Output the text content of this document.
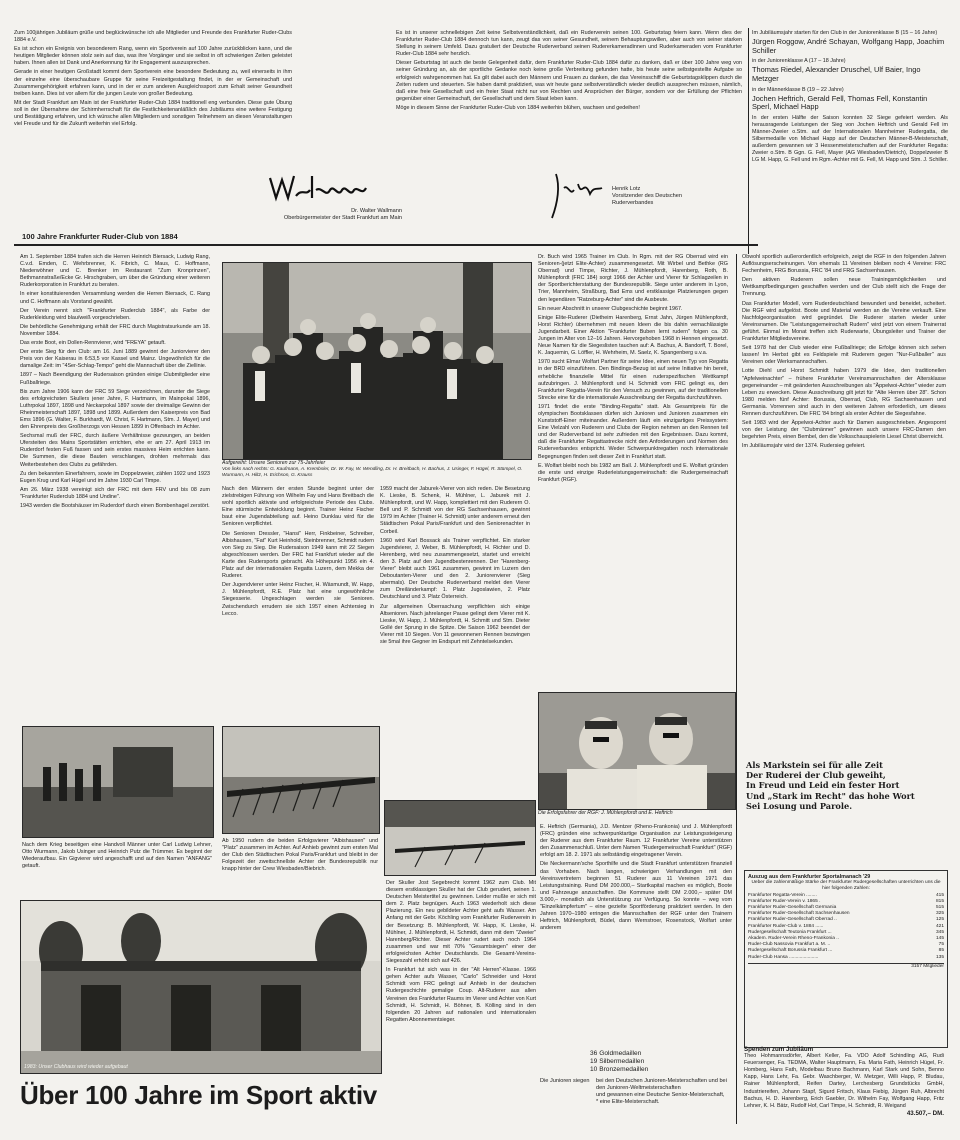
Zum 100jährigen Jubiläum grüße und beglückwünsche ich alle Mitglieder und Freunde des Frankfurter Ruder-Clubs 1884 e.V.

Es ist schon ein Ereignis von besonderem Rang, wenn ein Sportverein auf 100 Jahre zurückblicken kann, und die heutigen Mitglieder können stolz sein auf das, was ihre Vorgänger und sie selbst in oft schwierigen Zeiten geleistet haben. Ihnen allen ist Dank und Anerkennung für ihr Engagement auszusprechen.

Gerade in einer heutigen Großstadt kommt dem Sportverein eine besondere Bedeutung zu, weil einerseits in ihm der einzelne eine überschaubare Gruppe für seine Freizeitgestaltung findet, in der er Gemeinschaft und Zusammengehörigkeit erfahren kann, und in der er zum anderen Ausgleichssport zum Erhalt seiner Gesundheit treiben kann. Dies ist vor allem für die jungen Leute von großer Bedeutung.

Mit der Stadt Frankfurt am Main ist der Frankfurter Ruder-Club 1884 traditionell eng verbunden. Diese gute Übung soll in der Übernahme der Schirmherrschaft für die Festlichkeitenanläßlich des Jubiläums eine weitere Festigung und Bestätigung erfahren, und ich wünsche allen Mitgliedern und sonstigen Teilnehmern an diesen Veranstaltungen viel Freude und für die Zukunft weiterhin viel Erfolg.

Es ist in unserer schnellebigen Zeit keine Selbstverständlichkeit, daß ein Ruderverein seinen 100. Geburtstag feiern kann. Wenn dies der Frankfurter Ruder-Club 1884 dennoch tun kann, zeugt das von seiner Gesundheit, seinem Behauptungswillen, aber auch von seiner starken Stellung in seinem Umfeld. Dazu gratuliert der Deutsche Ruderverband seinen Rudererkameradinnen und Ruderkameraden vom Frankfurter Ruder-Club 1884 sehr herzlich.

Dieser Geburtstag ist auch die beste Gelegenheit dafür, dem Frankfurter Ruder-Club 1884 dafür zu danken, daß er über 100 Jahre weg von seiner Gründung an, als der sportliche Gedanke noch keine große Verbreitung gefunden hatte, bis heute seine selbstgestellte Aufgabe so erfolgreich wahrgenommen hat. Es gilt dabei auch den Männern und Frauen zu danken, die das Vereinsschiff die Geburtstagsklippen durch die Zeiten rudern und steuerten. Sie haben damit praktiziert, was wir heute ganz selbstverständlich wieder deutlich aussprechen müssen, nämlich, daß eine freie Gesellschaft und ein freier Staat nicht nur von Rechten und Ansprüchen der Bürger, sondern vor der Erfüllung der Pflichten gegenüber einer Gemeinschaft, der Gesellschaft und dem Staat leben kann.

Möge in diesem Sinne der Frankfurter Ruder-Club von 1884 weiterhin blühen, wachsen und gedeihen!

Dr. Walter Wallmann
Oberbürgermeister der Stadt Frankfurt am Main
Henrik Lotz
Vorsitzender des Deutschen Ruderverbandes
100 Jahre Frankfurter Ruder-Club von 1884
Im Jubiläumsjahr starten für den Club in der Juniorenklasse B (15 – 16 Jahre)
Jürgen Roggow, André Schayan, Wolfgang Happ, Joachim Schiller
in der Juniorenklasse A (17 – 18 Jahre)
Thomas Riedel, Alexander Druschel, Ulf Baier, Ingo Metzger
in der Männerklasse B (19 – 22 Jahre)
Jochen Heftrich, Gerald Fell, Thomas Fell, Konstantin Sperl, Michael Happ
In der ersten Hälfte der Saison konnten 32 Siege gefeiert werden. Als herausragende Leistungen der Sieg von Jochen Heftrich und Gerald Fell im Männer-Zweier o.Stm. auf der Internationalen Mannheimer Rudergatta, die Silbermedaille von Michael Happ auf der Deutschen Männer-B-Meisterschaft, außerdem gewannen wir 3 Hessenmeisterschaften auf der Frankfurter Regatta: Zweier o.Stm. B Ggn. G. Fell, Mayer (AG Wiesbaden/Dietrich), Doppelzweier B LG M. Happ, G. Fell und im Rgm.-Achter mit G. Fell, M. Happ und Stm. J. Schiller.

Am 1. September 1884 trafen sich die Herren Heinrich Biersack, Ludwig Rang, C.v.d. Emden, C. Wehrbrenner, K. Fibrich, C. Maus, C. Hoffmann, Niederwöhner und C. Brenker im Restaurant "Zum Kronprinzen", Bethmannstraße/Ecke Gr. Hirschgraben, um über die Gründung einer weiteren Ruderkorporation in Frankfurt zu beraten.

In einer konstituierenden Versammlung werden die Herren Biersack, C. Rang und C. Hoffmann als Vorstand gewählt.

Der Verein nennt sich "Frankfurter Ruderclub 1884", als Farbe der Ruderkleidung wird blau/weiß vorgeschrieben.

Die behördliche Genehmigung erhält der FRC durch Magistratsurkunde am 18. November 1884.

Das erste Boot, ein Dollen-Rennvierer, wird "FREYA" getauft.

Der erste Sieg für den Club: am 16. Juni 1889 gewinnt der Juniorvierer den Preis von der Kaiserau in 6:53,5 vor Kassel und Mainz. Ungewöhnlich für die damalige Zeit: im "4Ser-Schlag-Tempo" geht die Mannschaft über die Ziellinie.

1897 – Nach Beendigung der Rudersaison gründen einige Clubmitglieder eine Fußballriege.

Bis zum Jahre 1906 kann der FRC 59 Siege verzeichnen, darunter die Siege des erfolgreichsten Skullers jener Jahre, F. Hartmann, im Mainpokal 1896, Luthrpokal 1897, 1898 und Neckarpokal 1897 sowie der dreimalige Gewinn der Rheinmeisterschaft 1897, 1898 und 1899. Außerdem den Kaiserpreis von Bad Ems 1896 (G. Walter, F. Burkhardt, W. Christ, F. Hartmann, Stm. J. Mayer) und den Ehrenpreis des Großherzogs von Hessen 1899 in Offenbach im Achter.

Sechsmal muß der FRC, durch äußere Verhältnisse gezwungen, an beiden Ufersteiten des Mains Sportstätten errichten, ehe er am 27. April 1913 im Ruderdorf festen Fuß fassen und sein erstes massives Heim errichten kann. Die Summen, die diese Bauten verschlangen, drohten mehrmals das Weiterbestehen des Clubs zu gefährden.

Zu den bekannten Einerfahrern, sowie im Doppelzweier, zählen 1922 und 1923 Eugen Krug und Karl Hügel und im Jahre 1930 Carl Timpe.

Am 26. März 1938 vereinigt sich der FRC mit dem FRV und bis 08 zum "Frankfurter Ruderclub 1884 und Undine".

1943 werden die Bootshäuser im Ruderdorf durch einen Bombenhagel zerstört.

Aufgereiht: Unsere Senioren zur 75-Jahrfeier
Von links nach rechts: G. Kaufmann, A. Krembsler, Dr. W. Fay, W. Wendling, Dr. H. Breitbach, H. Bachus, J. Usinger, F. Hügel, R. Stümpel, O. Wurmann, H. Hiltz, H. Erichson, G. Krauss

Nach den Männern der ersten Stunde beginnt unter der zielstrebigen Führung von Wilhelm Fay und Hans Breitbach die wohl sportlich aktivste und erfolgreichste Periode des Clubs. Eine stürmische Entwicklung beginnt. Trainer Heinz Fischer baut eine Jugendabteilung auf. Heino Dunklau wird für die Senioren verpflichtet.

Die Senioren Dressler, "Hansi" Herr, Finkbeiner, Schreiber, Albishausen, "Fat" Kurt Heinhold, Steinbrenner, Schmidt rudern von Sieg zu Sieg. Die Rudersaison 1949 kann mit 22 Siegen abgeschlossen werden. Der FRC hat Frankfurt wieder auf die Karte des Rudersports gebracht. Als Höhepunkt 1956 ein 4. Platz auf der internationalen Regatta Luzern, dem Mekka der Ruderer.

Der Jugendvierer unter Heinz Fischer, H. Wäsmundt, W. Happ, J. Mühlenpfordt, R.E. Platz hat eine ungewöhnliche Siegesserie. Ungeschlagen werden sie Senioren. Zwischendurch errudern sie sich 1957 einen Achtersieg in Lecco.

1959 macht der Jaburek-Vierer von sich reden. Die Besetzung K. Lieske, B. Schenk, H. Mühlner, L. Jaburek mit J. Mühlenpfordt, und W. Happ, komplettiert mit den Ruderern O. Bell und P. Schmidt von der RG Sachsenhausen, gewinnt 1979 im Achter (Trainer H. Schmidt) unter anderem erneut den Städtischen Pokal Paris/Frankfurt und den Seniorenachter in Corbeil.

1960 wird Karl Bossack als Trainer verpflichtet. Ein starker Jugendvierer, J. Weber, B. Mühlenpfordt, H. Richter und D. Herenberg, wird neu zusammengesetzt, startet und erreicht den 3. Platz auf den Jugendbestenrennen. Der "Harenberg-Vierer" bleibt auch 1961 zusammen, gewinnt im Luzern den Deboutanten-Vierer und den 2. Juniorenvierer (Sieg abermals). Der Deutsche Ruderverband meldet den Vierer zum Dreiländerkampf: 1. Platz Jugoslawien, 2. Platz Deutschland und 3. Platz Österreich.

Zur allgemeinen Überraschung verpflichten sich einige Altsenioren. Nach jahrelanger Pause gelingt dem Vierer mit K. Lieske, W. Happ, J. Mühlenpfordt, H. Schmitt und Stm. Dieter Gollé der Sprung in die Spitze. Die Saison 1962 beendet der Vierer mit 10 Siegen. Von 11 gewonnenen Rennen bezwingen sie 5mal ihre Gegner im Endspurt mit Zehntelsekunden.

Dr. Buch wird 1965 Trainer im Club. In Rgm. mit der RG Oberrad wird ein Senioren-(jetzt Elite-Achter) zusammengesetzt. Mit Wirbel und Bethke (RG Oberrad) und Timpe, Richter, J. Mühlenpfordt, Harenberg, Roth, B. Mühlenpfordt (FRC 184) sorgt 1966 der Achter und Vierer für Schlagzeilen in der Sportberichterstattung der Bundesrepublik. Siege unter anderem in Lyon, Trier, Mannheim, Straßburg, Bad Ems und erstklassige Platzierungen gegen den legendären "Ratzeburg-Achter" sind die Ausbeute.

Ein neuer Abschnitt in unserer Clubgeschichte beginnt 1967.

Einige Elite-Ruderer (Dietheim Harenberg, Ernst Jahn, Jürgen Mühlenpfordt, Horst Richter) übernehmen mit neuen Ideen die bis dahin vernachlässigte Jugendarbeit. Einer Aktion "Frankfurter Buben lernt rudern" folgen ca. 30 Jungen im Alter von 12–16 Jahren. Hervorgehoben 1968 in Hennen eingesetzt. Neue Namen für die Siegeslisten tauchen auf: A. Bachus, A. Bandorff, T. Borel, K. Jaquemin, G. Löffler, H. Wehrheim, M. Saelz, K. Spangenberg u.v.a.

1970 sucht Elmar Wolfart Partner für seine Idee, einen neuen Typ von Regatta in der BRD einzuführen. Den Bindings-Bezug ist auf seine Initiative hin bereit, erhebliche finanzielle Mittel für einen ruderspezifischen Wettkampf aufzubringen. J. Mühlenpfordt und H. Schmidt vom FRC gelingt es, den Frankfurter Regatta-Verein für den Versuch zu gewinnen, auf der traditionellen Strecke eine für die internationale Ausschreibung der Regatta durchzuführen.

1971 findet die erste "Binding-Regatta" statt. Als Gesamtpreis für die olympischen Bootsklassen dürfen sich Junioren und Junioren zusammen ein Kunststoff-Einer miteinander. Außerdem läuft ein einzigartiges Preissystem: Eine Vielzahl von Ruderern und Clubs der Region nehmen an den Rennen teil und der Ruderverband ist sehr zufrieden mit den Ergebnissen. Dazu kommt, daß die Frankfurter Regattastrecke nicht den Anforderungen und Normen des Ruderverbandes entspricht. Weder Schwerpunktregatten noch internationale Begegnungen finden seit dieser Zeit in Frankfurt statt.

E. Wolfart bleibt noch bis 1982 am Ball. J. Mühlenpfordt und E. Wolfart gründen die erste und einzige Ruderleistungsgemeinschaft: die Rudergemeinschaft Frankfurt (RGF).

Die Erfolgsfahrer der RGF: J. Mühlenpfordt und E. Heftrich

Obwohl sportlich außerordentlich erfolgreich, zeigt die RGF in den folgenden Jahren Auflösungserscheinungen. Von ehemals 11 Vereinen bleiben noch 4 Vereine: FRC Fechenheim, FRG Borussia, FRC '84 und FRG Sachsenhausen.

Den aktiven Ruderern sollen neue Trainingsmöglichkeiten und Wettkampfbedingungen geschaffen werden und der Club stellt sich die Frage der Trennung.

Das Frankfurter Modell, vom Ruderdeutschland bewundert und beneidet, scheitert. Die RGF wird aufgelöst. Boote und Material werden an die Vereine verkauft. Eine Nachfolgeorganisation wird gegründet. Die Ruderer starten wieder unter Vereinsnamen. Die "Leistungsgemeinschaft Rudern" wird jetzt von einem Trainerrat geführt. Einmal im Monat treffen sich Ruderwarte, Übungsleiter und Trainer der Frankfurter Mitgliedsvereine.

Seit 1978 hat der Club wieder eine Fußballriege; die Erfolge können sich sehen lassen! Im Herbst gibt es Feldspiele mit Ruderern gegen "Nur-Fußballer" aus Vereinen oder Werksmannschaften.

Lotte Diehl und Horst Schmidt haben 1979 die Idee, den traditionellen "Apfelweinachter" – frühere Frankfurter Vereinsmannschaften der Altersklasse gegeneinander – mit geänderten Ausschreibungen als "Äppelwoi-Achter" wieder zum Leben zu erwecken. Diese Ausschreibung gilt jetzt für "Alte Herren über 28". Schon 1980 melden fünf Achter: Borussia, Oberrad, Club, RG Sachsenhausen und Germania. Vorrennen sind auch in den weiteren Jahren erforderlich, um dieses Rennen durchzuführen. Die FRC '84 bringt als erster Achter die Siegesfahne.

Seit 1983 wird der Äppelwoi-Achter auch für Damen ausgeschrieben. Angespornt von der Leistung der "Clubmänner" gewinnen auch unsere FRC-Damen den begehrten Preis, einen Bembel, den die Volksschauspielerin Liesel Christ überreicht.

Im Jubiläumsjahr wird der 1374. Rudersieg gefeiert.

Als Markstein sei für alle Zeit
Der Ruderei der Club geweiht,
In Freud und Leid ein fester Hort
Und „Stark im Recht" das hohe Wort
Sei Losung und Parole.
Nach dem Krieg beseitigen eine Handvoll Männer unter Carl Ludwig Lehner, Otto Wurmann, Jakob Usinger und Heinrich Putz die Trümmer. Es beginnt der Wiederaufbau. Ein Gigvierer wird angeschafft und auf den Namen "ANFANG" getauft.
Ab 1950 rudern die beiden Erfolgsvierer "Albishausen" und "Platz" zusammen im Achter. Auf Anhieb gewinnt zum ersten Mal der Club den Städtischen Pokal Paris/Frankfurt und bleibt in der Folgezeit der zweitschnellste Achter der Bundesrepublik nur knapp hinter der Crew Wiesbaden/Biebrich.
1983: Unser Clubhaus wird wieder aufgebaut
Über 100 Jahre im Sport aktiv

Der Skuller Jost Segebrecht kommt 1962 zum Club. Mit diesem erstklassigen Skuller hat der Club gerudert, seinen 1. Deutschen Meistertitel zu gewinnen. Leider mußte er sich mit dem 2. Platz begnügen. Auch 1963 wiederholt sich diese Plazierung. Ein neu gebildeter Achter geht aufs Wasser. Am Anfang mit der Gebr. Köchling vom Frankfurter Ruderverein in der Besetzung: B. Mühlenpfordt, W. Happ, K. Lieske, H. Mühlner, J. Mühlenpfordt, H. Schmidt, dann mit dem "Zweier" Harenberg/Richter. Dieser Achter rudert auch noch 1964 zusammen und war mit 70% "Gesamtsiegen" einer der erfolgreichsten Achter Deutschlands. Die Gesamt-Vereins-Siegeszahl erhöht sich auf 426.

In Frankfurt tut sich was in der "Alt Herren"-Klasse. 1966 gehen Achter aufs Wasser, "Carlo" Schneider und Horst Schmidt vom FRC gelingt auf Anhieb in der deutschen Rudergeschichte gemalige Coup. Alt-Ruderer aus allen Vereinen des Frankfurter Raums im Vierer und Achter von Kurt Schmidt, H. Schmidt, H. Böhner, B. Kölling sind in den folgenden 20 Jahren auf nationalen und internationalen Regatten Abonnementsieger.

E. Heftrich (Germania), J.D. Mentzer (Rheno-Frankonia) und J. Mühlenpfordt (FRC) gründen eine schwerpunktartige Organisation zur Leistungssteigerung der Ruderer aus dem Frankfurter Raum. 12 Frankfurter Vereine unterstützen den Zusammenschluß. Unter dem Namen "Rudergemeinschaft Frankfurt" (RGF) erfolgt am 18. 2. 1971 als selbständig eingetragener Verein.

Die Neckermann'sche Sporthilfe und die Stadt Frankfurt unterstützen finanziell das Vorhaben. Nach langen, schwierigen Verhandlungen mit den Vereinsvertretern beginnen 51 Ruderer aus 11 Vereinen 1971 das Leistungstraining. Rund DM 200.000,– Startkapital machen es möglich, Boote und Fahrzeuge anzuschaffen. Die Kommune stellt DM 2.000,– später DM 3.000,– monatlich als Unterstützung zur Verfügung. So konnte – weg vom "Einzelkämpfertum" – eine gezielte Sportförderung praktiziert werden. In den Jahren 1970–1980 erringen die Mannschaften der RGF unter den Trainern Heftrich, Mühlenpfordt, Büdel, dann Wernstroer, Rosenstock, Wolfart unter anderem

36 Goldmedaillen
19 Silbermedaillen
10 Bronzemedaillen
Die Junioren siegen	bei den Deutschen Junioren-Meisterschaften und bei den Junioren-Weltmeisterschaften
und gewannen eine Deutsche Senior-Meisterschaft,
* eine Elite-Meisterschaft.
Auszug aus dem Frankfurter Sportalmanach '29
Ueber die zahlenmäßige Stärke der Frankfurter Rudergesellschaften unterrichten uns die hier folgenden Zahlen:
Frankfurter Regatta-Verein ........	415
Frankfurter Ruder-Verein v. 1865 .	815
Frankfurter Ruder-Gesellschaft Germania	515
Frankfurter Ruder-Gesellschaft Sachsenhausen	325
Frankfurter Ruder-Gesellschaft Oberrad ..	125
Frankfurter Ruder-Club v. 1884 ......	421
Rudergesellschaft Teutonia Frankfurt ...	345
Akadem. Ruder-Verein Rheno-Frankonia ..	145
Ruder-Club Nassovia Frankfurt a. M. ..	75
Rudergesellschaft Borussia Frankfurt ...	85
Ruder-Club Hansa ......................	135
3157 Mitglieder
Spenden zum Jubiläum
Theo Hohmannsdörfer, Albert Keller, Fa. VDO Adolf Schindling AG, Rudi Feuersenger, Fa. TEDMA, Walter Hauptmann, Fa. Maria Fath, Heinrich Hügel, Fr. Homberg, Hans Fath, Modelbau Bruno Bachmann, Karl Stark und Sohn, Benno Kapp, Hans Lehr, Fa. Gebr. Waschberger, W. Metzger, Willi Happ, P. Bludau, Rainer Mühlenpfordt, Reifen Dartey, Lerchesberg Grundstücks GmbH, Industriereifen, Johann Stapf, Sigurd Fritsch, Klaus Fiebig, Jürgen Ruh, Albrecht Bachus, H. D. Harenberg, Erich Gaebler, Dr. Wilhelm Fay, Wolfgang Happ, Fritz Lehner, K. H. Bätz, Rudolf Hof, Carl Timpe, H. Schmidt, R. Weigand
43.507,– DM.
